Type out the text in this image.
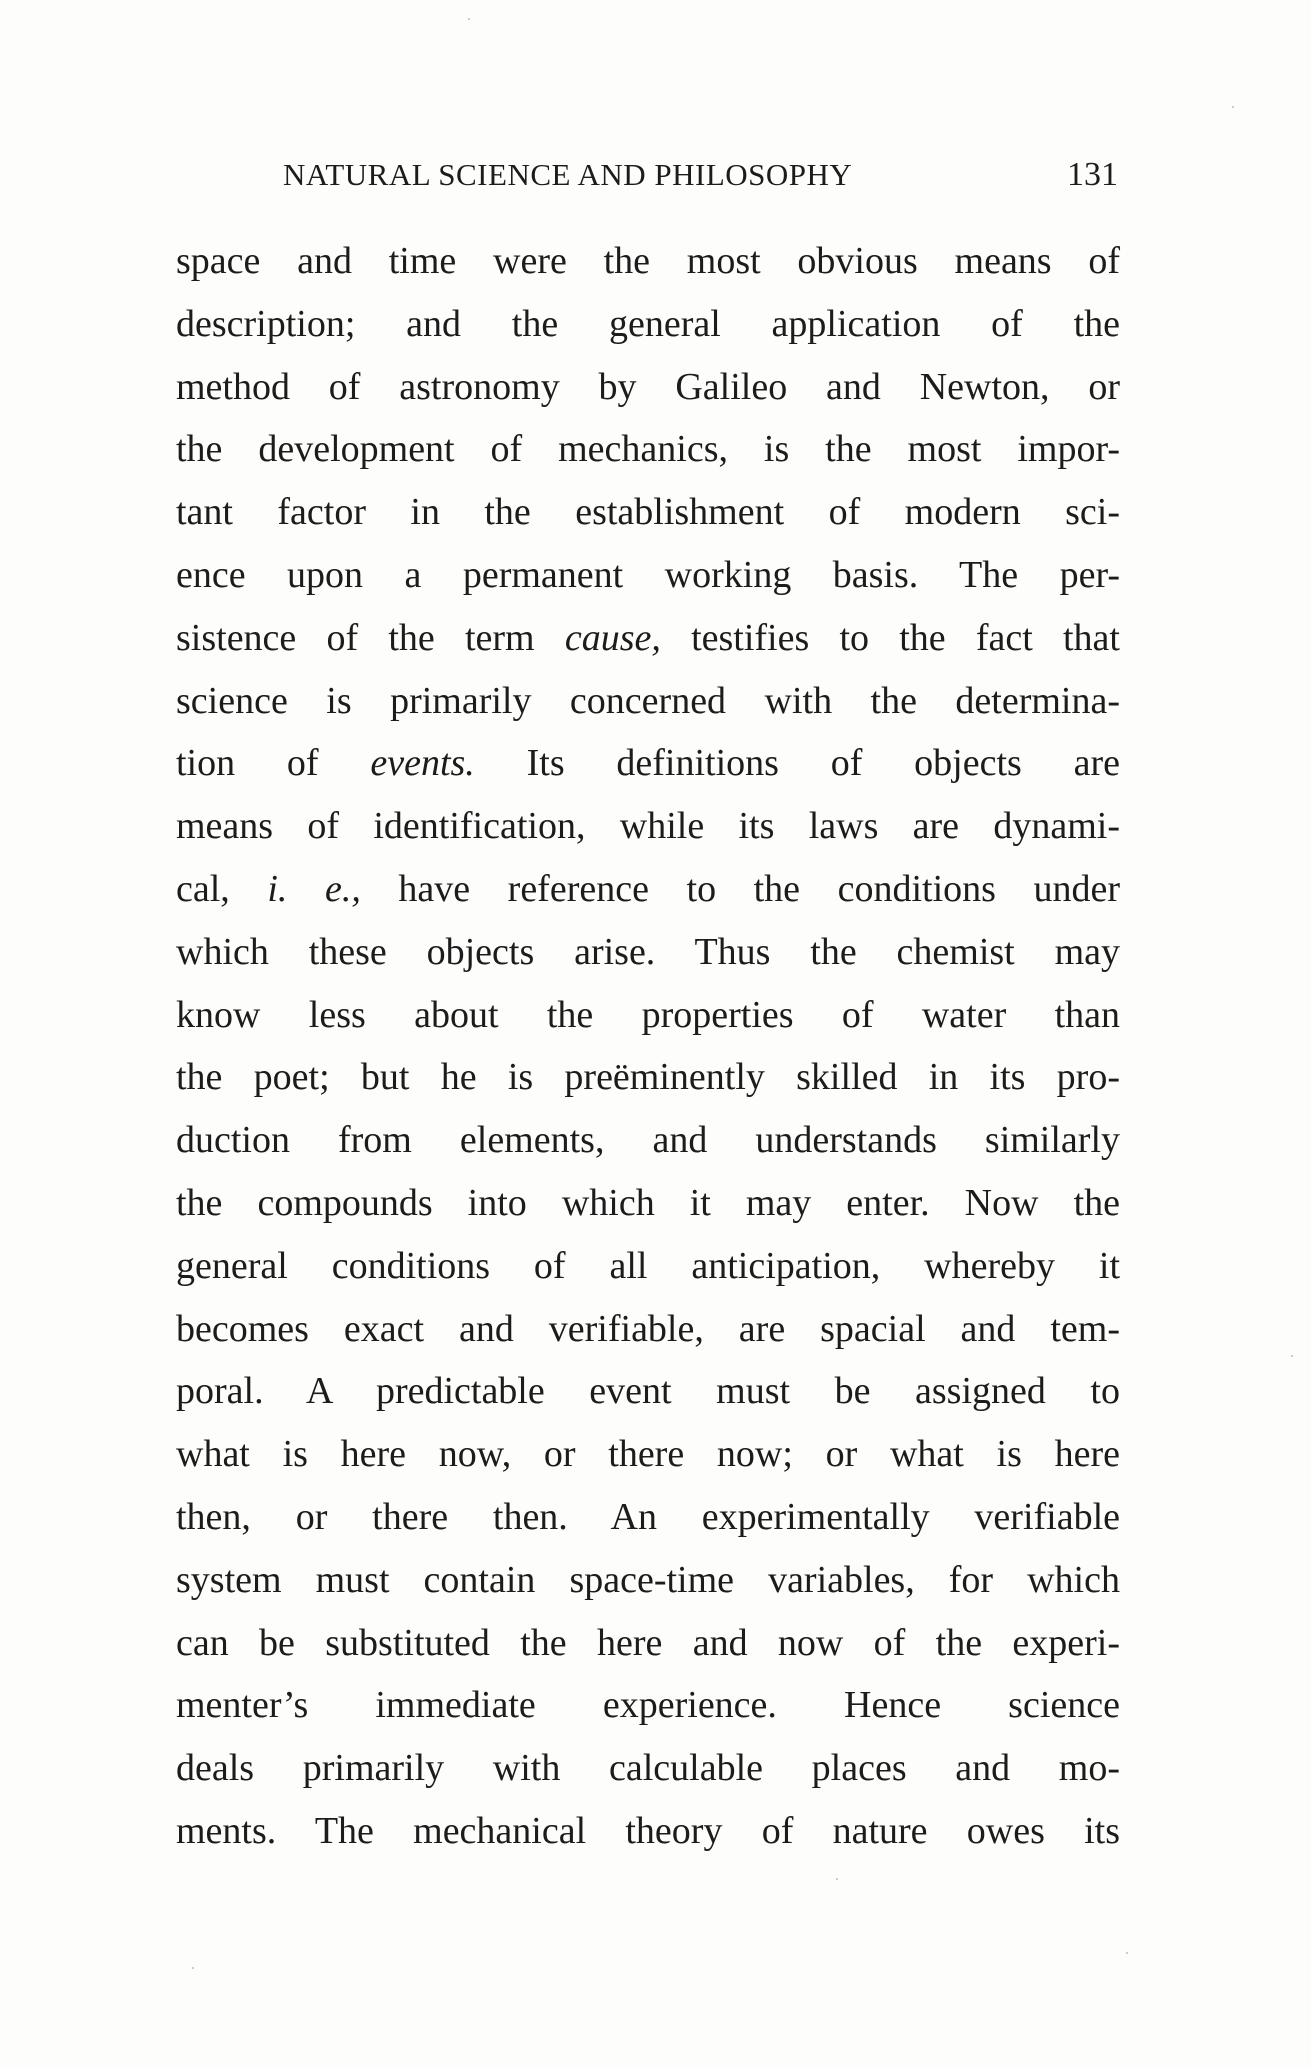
NATURAL SCIENCE AND PHILOSOPHY	131
space and time were the most obvious means of
description; and the general application of the
method of astronomy by Galileo and Newton, or
the development of mechanics, is the most impor-
tant factor in the establishment of modern sci-
ence upon a permanent working basis. The per-
sistence of the term cause, testifies to the fact that
science is primarily concerned with the determina-
tion of events. Its definitions of objects are
means of identification, while its laws are dynami-
cal, i. e., have reference to the conditions under
which these objects arise. Thus the chemist may
know less about the properties of water than
the poet; but he is preëminently skilled in its pro-
duction from elements, and understands similarly
the compounds into which it may enter. Now the
general conditions of all anticipation, whereby it
becomes exact and verifiable, are spacial and tem-
poral. A predictable event must be assigned to
what is here now, or there now; or what is here
then, or there then. An experimentally verifiable
system must contain space-time variables, for which
can be substituted the here and now of the experi-
menter’s immediate experience. Hence science
deals primarily with calculable places and mo-
ments. The mechanical theory of nature owes its
